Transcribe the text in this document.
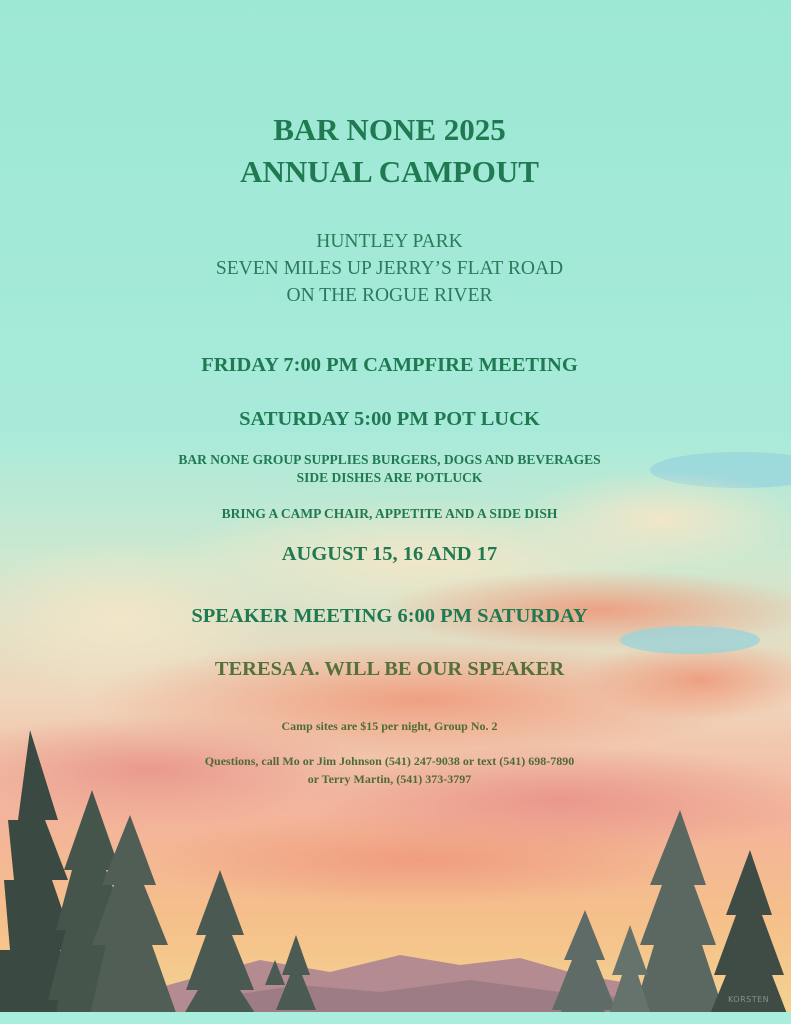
BAR NONE 2025
ANNUAL CAMPOUT
HUNTLEY PARK
SEVEN MILES UP JERRY’S FLAT ROAD
ON THE ROGUE RIVER
FRIDAY 7:00 PM CAMPFIRE MEETING
SATURDAY 5:00 PM POT LUCK
BAR NONE GROUP SUPPLIES BURGERS, DOGS AND BEVERAGES
SIDE DISHES ARE POTLUCK
BRING A CAMP CHAIR, APPETITE AND A SIDE DISH
AUGUST 15, 16 AND 17
SPEAKER MEETING 6:00 PM SATURDAY
TERESA A. WILL BE OUR SPEAKER
Camp sites are $15 per night, Group No. 2
Questions, call Mo or Jim Johnson (541) 247-9038 or text (541) 698-7890
or Terry Martin, (541) 373-3797
KORSTEN
